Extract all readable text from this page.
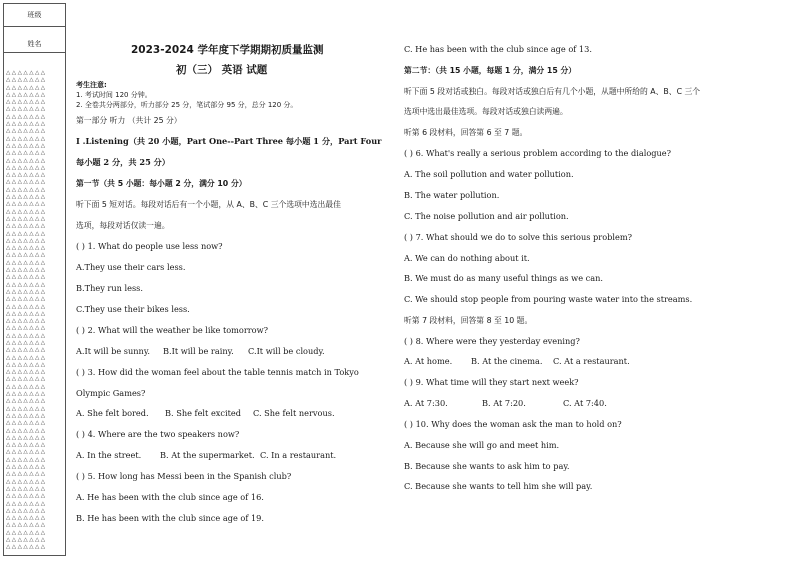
班级
姓名
△△△△△△△
△△△△△△△
△△△△△△△
△△△△△△△
△△△△△△△
△△△△△△△
△△△△△△△
△△△△△△△
△△△△△△△
△△△△△△△
△△△△△△△
△△△△△△△
△△△△△△△
△△△△△△△
△△△△△△△
△△△△△△△
△△△△△△△
△△△△△△△
△△△△△△△
△△△△△△△
△△△△△△△
△△△△△△△
△△△△△△△
△△△△△△△
△△△△△△△
△△△△△△△
△△△△△△△
△△△△△△△
△△△△△△△
△△△△△△△
△△△△△△△
△△△△△△△
△△△△△△△
△△△△△△△
△△△△△△△
△△△△△△△
△△△△△△△
△△△△△△△
△△△△△△△
△△△△△△△
△△△△△△△
△△△△△△△
△△△△△△△
△△△△△△△
△△△△△△△
△△△△△△△
△△△△△△△
△△△△△△△
△△△△△△△
△△△△△△△
△△△△△△△
△△△△△△△
△△△△△△△
△△△△△△△
△△△△△△△
△△△△△△△
△△△△△△△
△△△△△△△
△△△△△△△
△△△△△△△
△△△△△△△
△△△△△△△
△△△△△△△
△△△△△△△
△△△△△△△
△△△△△△△
2023-2024 学年度下学期期初质量监测
初（三） 英语 试题
考生注意:
1. 考试时间 120 分钟。
2. 全卷共分两部分，听力部分 25 分，笔试部分 95 分，总分 120 分。
第一部分 听力 （共计 25 分）
I .Listening（共 20 小题，Part One--Part Three 每小题 1 分，Part Four
每小题 2 分，共 25 分）
第一节（共 5 小题：每小题 2 分，满分 10 分）
听下面 5 短对话。每段对话后有一个小题，从 A、B、C 三个选项中选出最佳
选项，每段对话仅读一遍。
( ) 1. What do people use less now?
A.They use their cars less.
B.They run less.
C.They use their bikes less.
( ) 2. What will the weather be like tomorrow?
A.It will be sunny. B.It will be rainy. C.It will be cloudy.
( ) 3. How did the woman feel about the table tennis match in Tokyo
Olympic Games?
A. She felt bored. B. She felt excited C. She felt nervous.
( ) 4. Where are the two speakers now?
A. In the street. B. At the supermarket. C. In a restaurant.
( ) 5. How long has Messi been in the Spanish club?
A. He has been with the club since age of 16.
B. He has been with the club since age of 19.
C. He has been with the club since age of 13.
第二节：（共 15 小题，每题 1 分，满分 15 分）
听下面 5 段对话或独白。每段对话或独白后有几个小题，从题中所给的 A、B、C 三个
选项中选出最佳选项。每段对话或独白读两遍。
听第 6 段材料，回答第 6 至 7 题。
( ) 6. What's really a serious problem according to the dialogue?
A. The soil pollution and water pollution.
B. The water pollution.
C. The noise pollution and air pollution.
( ) 7. What should we do to solve this serious problem?
A. We can do nothing about it.
B. We must do as many useful things as we can.
C. We should stop people from pouring waste water into the streams.
听第 7 段材料，回答第 8 至 10 题。
( ) 8. Where were they yesterday evening?
A. At home. B. At the cinema. C. At a restaurant.
( ) 9. What time will they start next week?
A. At 7:30.	B. At 7:20.	C. At 7:40.
( ) 10. Why does the woman ask the man to hold on?
A. Because she will go and meet him.
B. Because she wants to ask him to pay.
C. Because she wants to tell him she will pay.
